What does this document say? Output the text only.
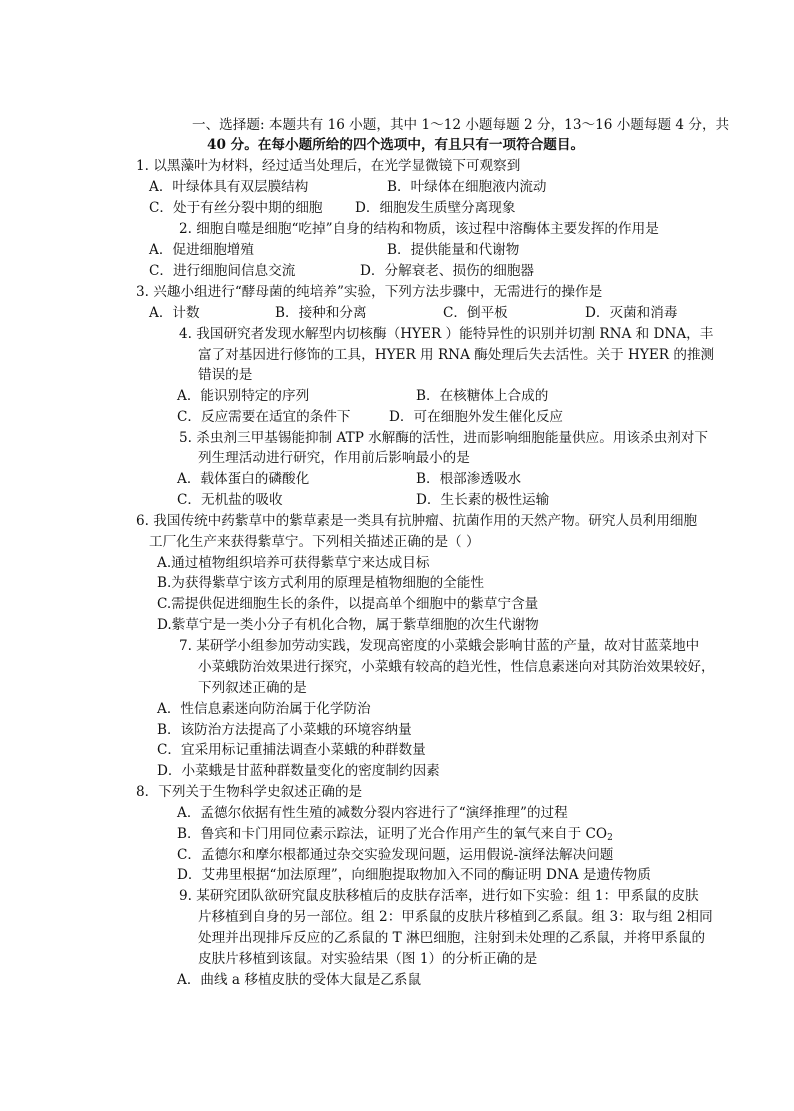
一、选择题: 本题共有 16 小题，其中 1～12 小题每题 2 分，13～16 小题每题 4 分，共
40 分。在每小题所给的四个选项中，有且只有一项符合题目。
1. 以黑藻叶为材料，经过适当处理后，在光学显微镜下可观察到
A．叶绿体具有双层膜结构	B．叶绿体在细胞液内流动
C．处于有丝分裂中期的细胞 D．细胞发生质壁分离现象
2. 细胞自噬是细胞“吃掉”自身的结构和物质，该过程中溶酶体主要发挥的作用是
A．促进细胞增殖	B．提供能量和代谢物
C．进行细胞间信息交流	D．分解衰老、损伤的细胞器
3. 兴趣小组进行“酵母菌的纯培养”实验，下列方法步骤中，无需进行的操作是
A．计数	B．接种和分离	C．倒平板	D．灭菌和消毒
4. 我国研究者发现水解型内切核酶（HYER ）能特异性的识别并切割 RNA 和 DNA，丰
富了对基因进行修饰的工具，HYER 用 RNA 酶处理后失去活性。关于 HYER 的推测
错误的是
A．能识别特定的序列	B．在核糖体上合成的
C．反应需要在适宜的条件下	D．可在细胞外发生催化反应
5. 杀虫剂三甲基锡能抑制 ATP 水解酶的活性，进而影响细胞能量供应。用该杀虫剂对下
列生理活动进行研究，作用前后影响最小的是
A．载体蛋白的磷酸化	B．根部渗透吸水
C．无机盐的吸收	D．生长素的极性运输
6. 我国传统中药紫草中的紫草素是一类具有抗肿瘤、抗菌作用的天然产物。研究人员利用细胞
工厂化生产来获得紫草宁。下列相关描述正确的是（ ）
A.通过植物组织培养可获得紫草宁来达成目标
B.为获得紫草宁该方式利用的原理是植物细胞的全能性
C.需提供促进细胞生长的条件，以提高单个细胞中的紫草宁含量
D.紫草宁是一类小分子有机化合物，属于紫草细胞的次生代谢物
7. 某研学小组参加劳动实践，发现高密度的小菜蛾会影响甘蓝的产量，故对甘蓝菜地中
小菜蛾防治效果进行探究，小菜蛾有较高的趋光性，性信息素迷向对其防治效果较好，
下列叙述正确的是
A．性信息素迷向防治属于化学防治
B．该防治方法提高了小菜蛾的环境容纳量
C．宜采用标记重捕法调查小菜蛾的种群数量
D．小菜蛾是甘蓝种群数量变化的密度制约因素
8．下列关于生物科学史叙述正确的是
A．孟德尔依据有性生殖的减数分裂内容进行了“演绎推理”的过程
B．鲁宾和卡门用同位素示踪法，证明了光合作用产生的氧气来自于 $CO_2$
C．孟德尔和摩尔根都通过杂交实验发现问题，运用假说-演绎法解决问题
D．艾弗里根据“加法原理”，向细胞提取物加入不同的酶证明 DNA 是遗传物质
9. 某研究团队欲研究鼠皮肤移植后的皮肤存活率，进行如下实验：组 1：甲系鼠的皮肤
片移植到自身的另一部位。组 2：甲系鼠的皮肤片移植到乙系鼠。组 3：取与组 2相同
处理并出现排斥反应的乙系鼠的 T 淋巴细胞，注射到未处理的乙系鼠，并将甲系鼠的
皮肤片移植到该鼠。对实验结果（图 1）的分析正确的是
A．曲线 a 移植皮肤的受体大鼠是乙系鼠
